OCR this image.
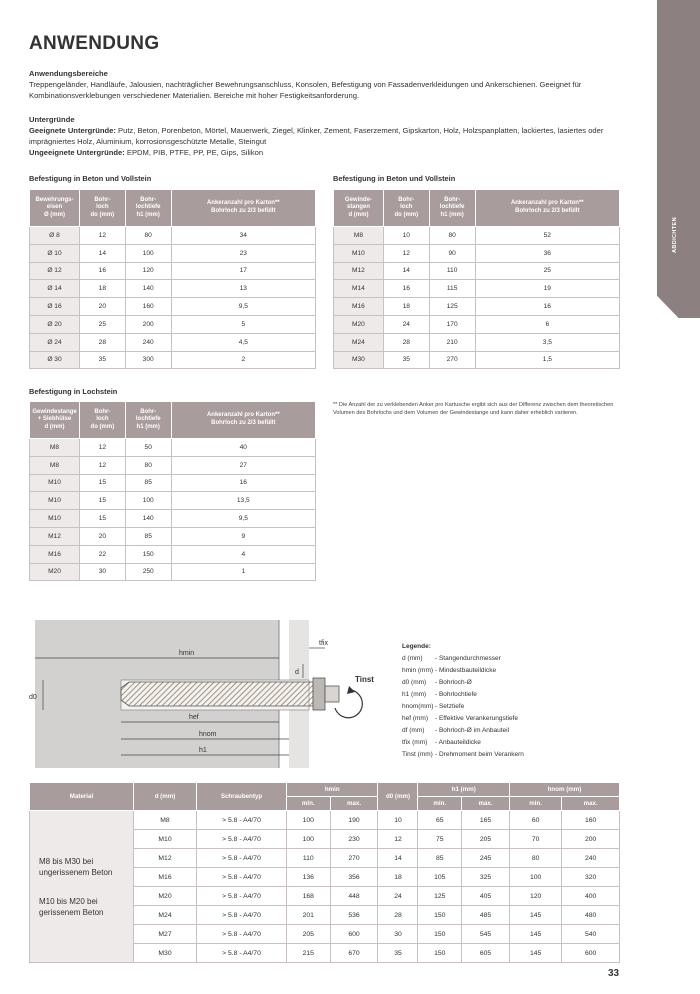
ANWENDUNG
ABDICHTEN
Anwendungsbereiche
Treppengeländer, Handläufe, Jalousien, nachträglicher Bewehrungsanschluss, Konsolen, Befestigung von Fassadenverkleidungen und Ankerschienen. Geeignet für Kombinationsverklebungen verschiedener Materialien. Bereiche mit hoher Festigkeitsanforderung.
Untergründe
Geeignete Untergründe: Putz, Beton, Porenbeton, Mörtel, Mauerwerk, Ziegel, Klinker, Zement, Faserzement, Gipskarton, Holz, Holzspanplatten, lackiertes, lasiertes oder imprägniertes Holz, Aluminium, korrosionsgeschützte Metalle, Steingut
Ungeeignete Untergründe: EPDM, PIB, PTFE, PP, PE, Gips, Silikon
Befestigung in Beton und Vollstein
Bewehrungs-
eisen
Ø (mm)	Bohr-
loch
do (mm)	Bohr-
lochtiefe
h1 (mm)	Ankeranzahl pro Karton**
Bohrloch zu 2/3 befüllt
Ø 8	12	80	34
Ø 10	14	100	23
Ø 12	16	120	17
Ø 14	18	140	13
Ø 16	20	160	9,5
Ø 20	25	200	5
Ø 24	28	240	4,5
Ø 30	35	300	2
Befestigung in Beton und Vollstein
Gewinde-
stangen
d (mm)	Bohr-
loch
do (mm)	Bohr-
lochtiefe
h1 (mm)	Ankeranzahl pro Karton**
Bohrloch zu 2/3 befüllt
M8	10	80	52
M10	12	90	36
M12	14	110	25
M14	16	115	19
M16	18	125	16
M20	24	170	6
M24	28	210	3,5
M30	35	270	1,5
Befestigung in Lochstein
Gewindestange
+ Siebhülse
d (mm)	Bohr-
loch
do (mm)	Bohr-
lochtiefe
h1 (mm)	Ankeranzahl pro Karton**
Bohrloch zu 2/3 befüllt
M8	12	50	40
M8	12	80	27
M10	15	85	16
M10	15	100	13,5
M10	15	140	9,5
M12	20	85	9
M16	22	150	4
M20	30	250	1
** Die Anzahl der zu verklebenden Anker pro Kartusche ergibt sich aus der Differenz zwischen dem theoretischen Volumen des Bohrlochs und dem Volumen der Gewindestange und kann daher erheblich variieren.
hmin
tfix
d0
d
Tinst
hef
hnom
h1
Legende:
d (mm)	- Stangendurchmesser
hmin (mm) - Mindestbauteildicke
d0 (mm)	- Bohrloch-Ø
h1 (mm)	- Bohrlochtiefe
hnom(mm) - Setztiefe
hef (mm)	- Effektive Verankerungstiefe
df (mm)	- Bohrloch-Ø im Anbauteil
tfix (mm)	- Anbauteildicke
Tinst (mm) - Drehmoment beim Verankern
Material	d (mm)	Schraubentyp	hmin		d0 (mm)	h1 (mm)		hnom (mm)	
			min.	max.		min.	max.	min.	max.

M8 bis M30 bei ungerissenem Beton
M10 bis M20 bei gerissenem Beton	M8	> 5.8 - A4/70	100	190	10	65	165	60	160
	M10	> 5.8 - A4/70	100	230	12	75	205	70	200
	M12	> 5.8 - A4/70	110	270	14	85	245	80	240
	M16	> 5.8 - A4/70	136	356	18	105	325	100	320
	M20	> 5.8 - A4/70	168	448	24	125	405	120	400
	M24	> 5.8 - A4/70	201	536	28	150	485	145	480
	M27	> 5.8 - A4/70	205	600	30	150	545	145	540
	M30	> 5.8 - A4/70	215	670	35	150	605	145	600
33
